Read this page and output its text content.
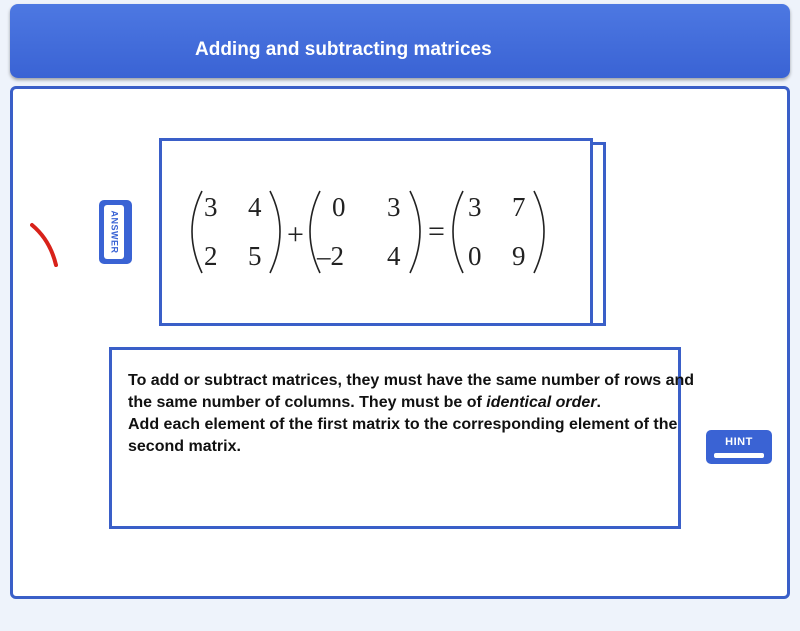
Adding and subtracting matrices
ANSWER
3 4
2 5
+
0 3
–2 4
=
3 7
0 9

To add or subtract matrices, they must have the same number of rows and the same number of columns. They must be of identical order.

Add each element of the first matrix to the corresponding element of the second matrix.	HINT
